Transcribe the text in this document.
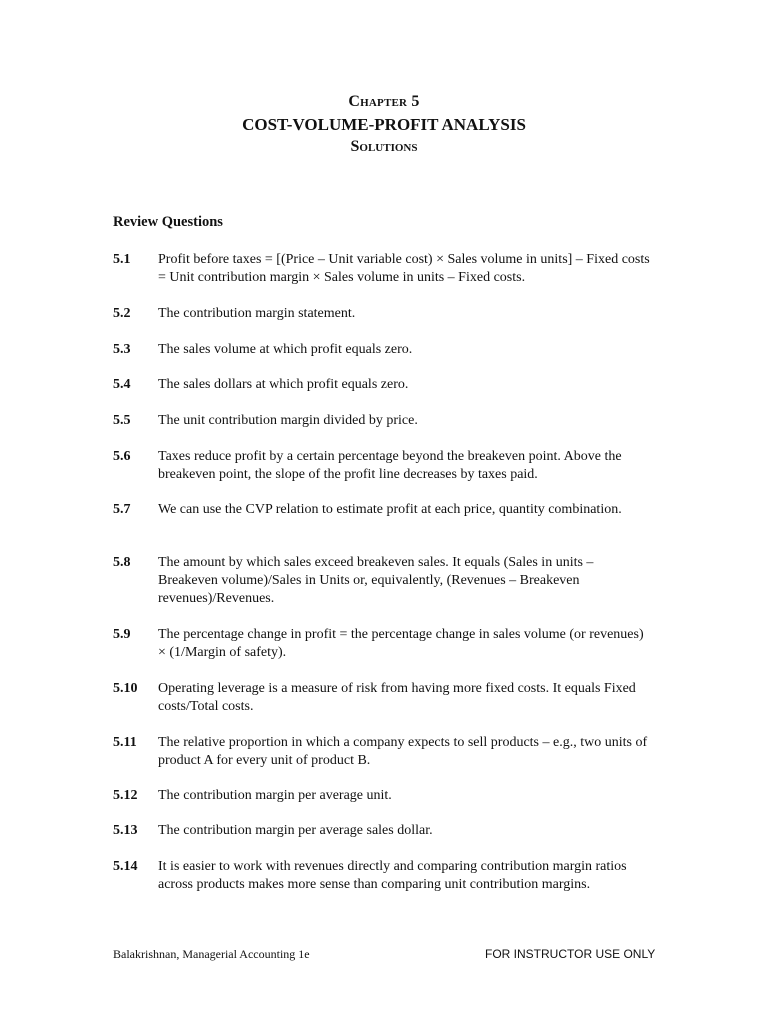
Chapter 5
COST-VOLUME-PROFIT ANALYSIS
Solutions
Review Questions
5.1	Profit before taxes = [(Price – Unit variable cost) × Sales volume in units] – Fixed costs = Unit contribution margin × Sales volume in units – Fixed costs.
5.2	The contribution margin statement.
5.3	The sales volume at which profit equals zero.
5.4	The sales dollars at which profit equals zero.
5.5	The unit contribution margin divided by price.
5.6	Taxes reduce profit by a certain percentage beyond the breakeven point. Above the breakeven point, the slope of the profit line decreases by taxes paid.
5.7	We can use the CVP relation to estimate profit at each price, quantity combination.
5.8	The amount by which sales exceed breakeven sales. It equals (Sales in units – Breakeven volume)/Sales in Units or, equivalently, (Revenues – Breakeven revenues)/Revenues.
5.9	The percentage change in profit = the percentage change in sales volume (or revenues) × (1/Margin of safety).
5.10	Operating leverage is a measure of risk from having more fixed costs. It equals Fixed costs/Total costs.
5.11	The relative proportion in which a company expects to sell products – e.g., two units of product A for every unit of product B.
5.12	The contribution margin per average unit.
5.13	The contribution margin per average sales dollar.
5.14	It is easier to work with revenues directly and comparing contribution margin ratios across products makes more sense than comparing unit contribution margins.
Balakrishnan, Managerial Accounting 1e	FOR INSTRUCTOR USE ONLY
